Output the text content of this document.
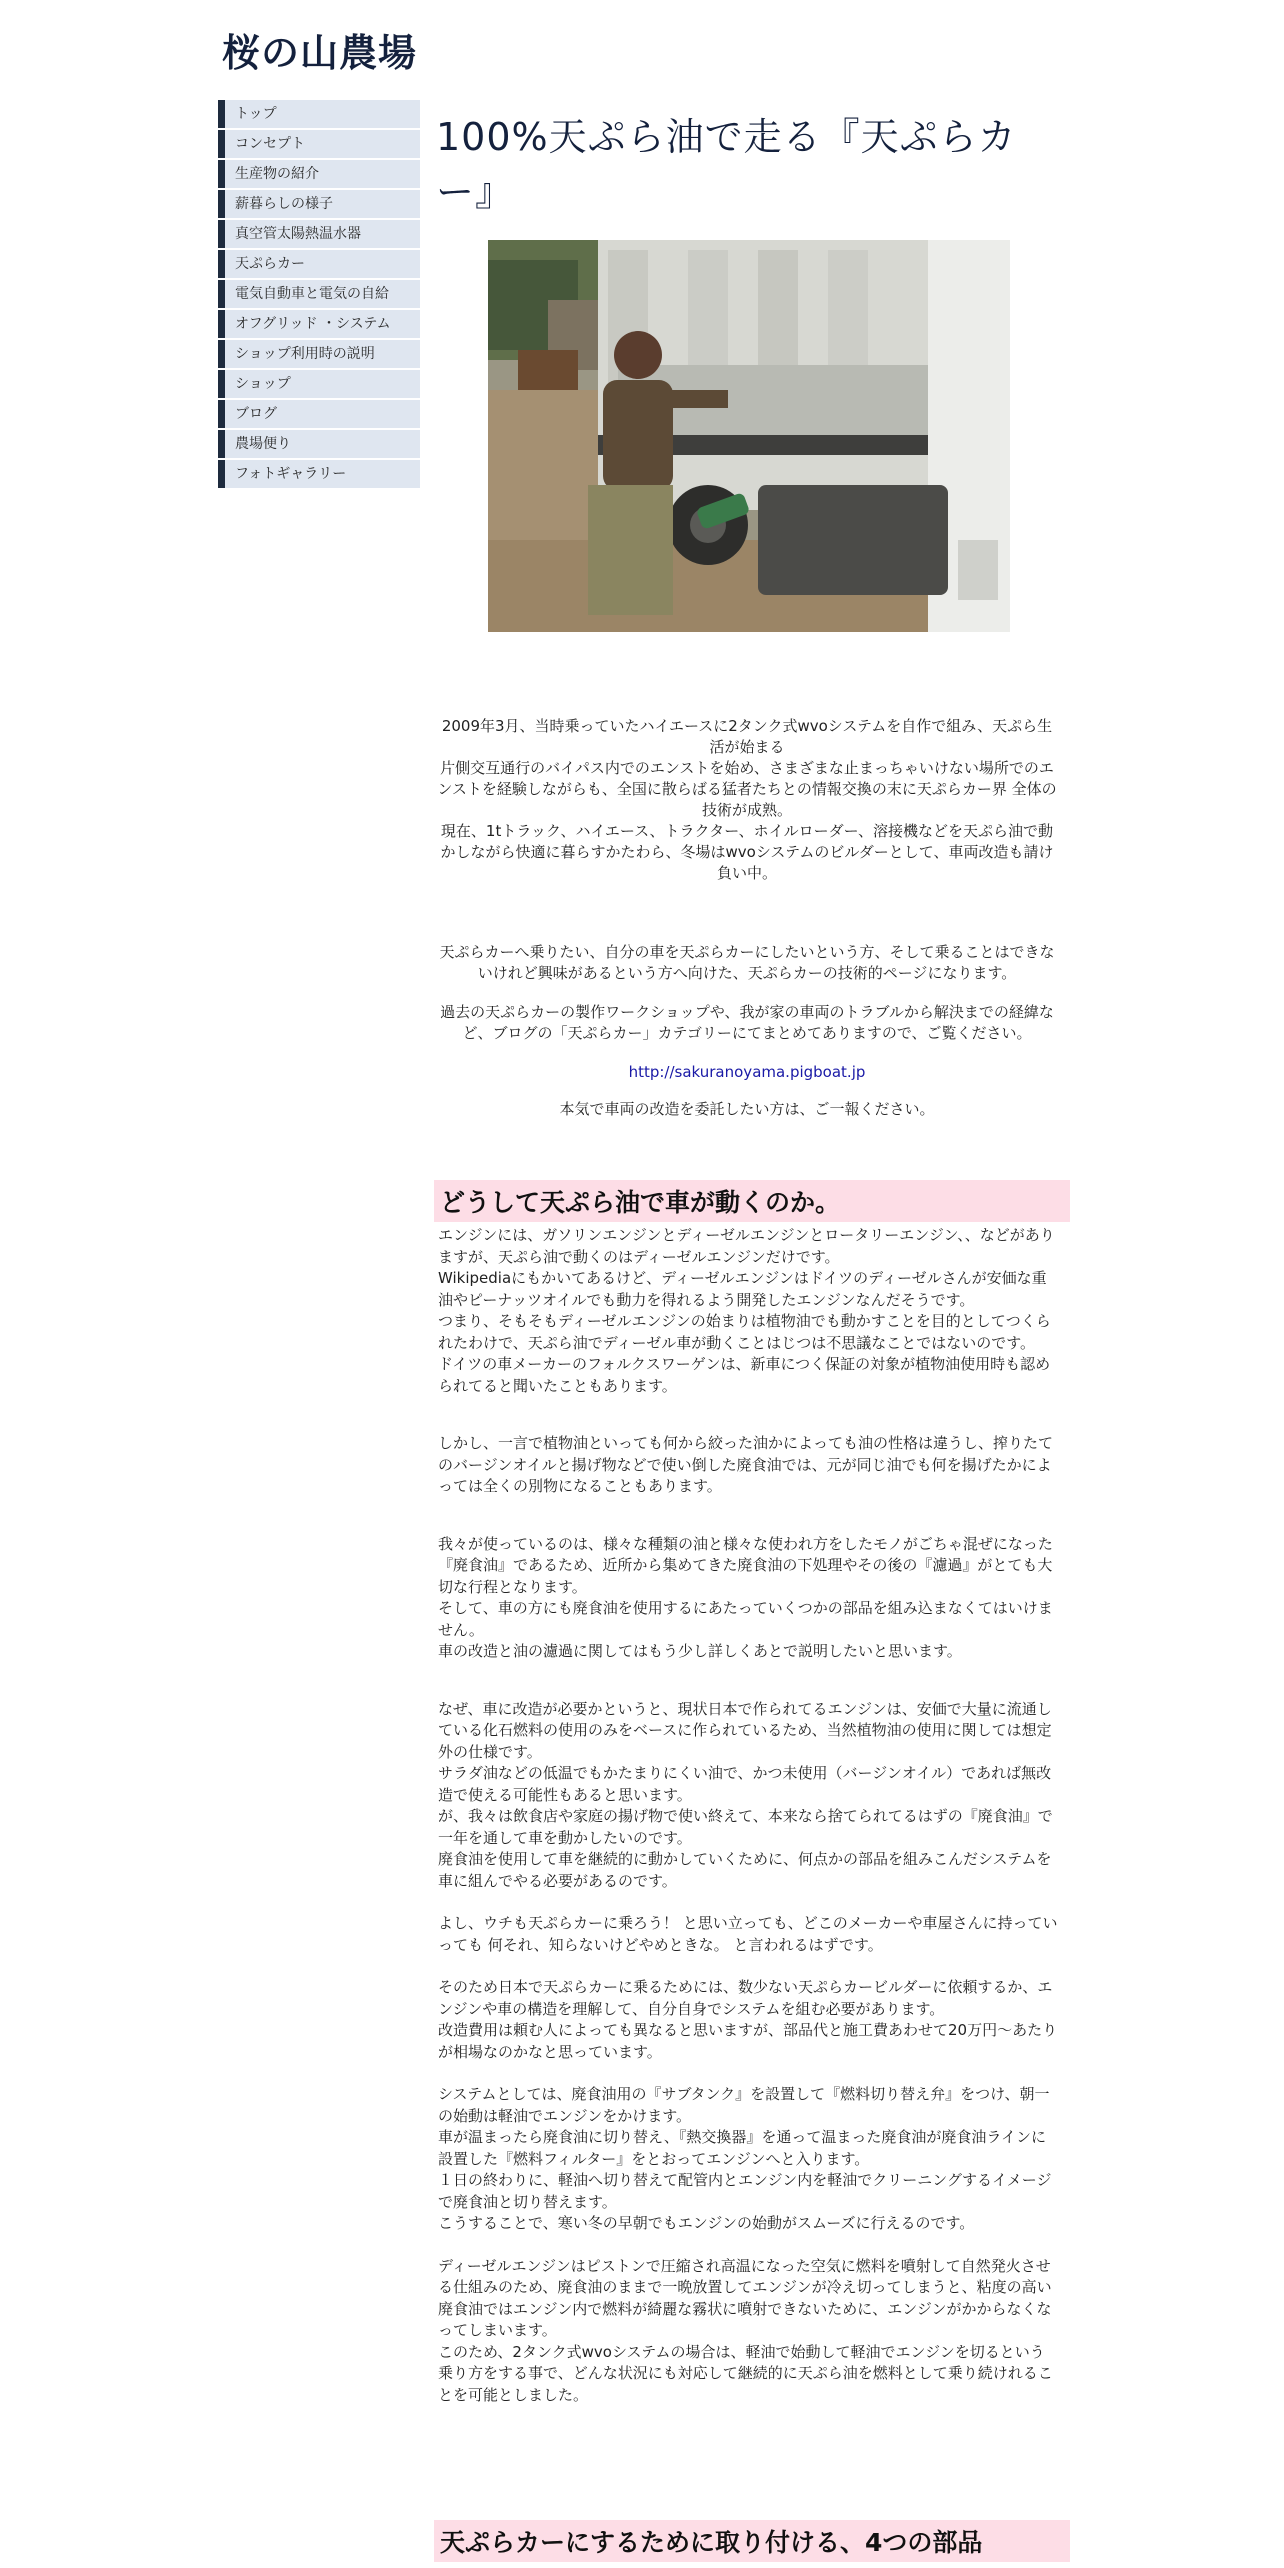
桜の山農場
トップ
コンセプト
生産物の紹介
薪暮らしの様子
真空管太陽熱温水器
天ぷらカー
電気自動車と電気の自給
オフグリッド ・システム
ショップ利用時の説明
ショップ
ブログ
農場便り
フォトギャラリー
100%天ぷら油で走る『天ぷらカー』

2009年3月、当時乗っていたハイエースに2タンク式wvoシステムを自作で組み、天ぷら生活が始まる

片側交互通行のバイパス内でのエンストを始め、さまざまな止まっちゃいけない場所でのエンストを経験しながらも、全国に散らばる猛者たちとの情報交換の末に天ぷらカー界 全体の技術が成熟。

現在、1tトラック、ハイエース、トラクター、ホイルローダー、溶接機などを天ぷら油で動かしながら快適に暮らすかたわら、冬場はwvoシステムのビルダーとして、車両改造も請け負い中。

天ぷらカーへ乗りたい、自分の車を天ぷらカーにしたいという方、そして乗ることはできないけれど興味があるという方へ向けた、天ぷらカーの技術的ページになります。

過去の天ぷらカーの製作ワークショップや、我が家の車両のトラブルから解決までの経緯など、ブログの「天ぷらカー」カテゴリーにてまとめてありますので、ご覧ください。

http://sakuranoyama.pigboat.jp

本気で車両の改造を委託したい方は、ご一報ください。

どうして天ぷら油で車が動くのか。

エンジンには、ガソリンエンジンとディーゼルエンジンとロータリーエンジン、、などがありますが、天ぷら油で動くのはディーゼルエンジンだけです。

Wikipediaにもかいてあるけど、ディーゼルエンジンはドイツのディーゼルさんが安価な重油やピーナッツオイルでも動力を得れるよう開発したエンジンなんだそうです。

つまり、そもそもディーゼルエンジンの始まりは植物油でも動かすことを目的としてつくられたわけで、天ぷら油でディーゼル車が動くことはじつは不思議なことではないのです。

ドイツの車メーカーのフォルクスワーゲンは、新車につく保証の対象が植物油使用時も認められてると聞いたこともあります。

しかし、一言で植物油といっても何から絞った油かによっても油の性格は違うし、搾りたてのバージンオイルと揚げ物などで使い倒した廃食油では、元が同じ油でも何を揚げたかによっては全くの別物になることもあります。

我々が使っているのは、様々な種類の油と様々な使われ方をしたモノがごちゃ混ぜになった『廃食油』であるため、近所から集めてきた廃食油の下処理やその後の『濾過』がとても大切な行程となります。

そして、車の方にも廃食油を使用するにあたっていくつかの部品を組み込まなくてはいけません。

車の改造と油の濾過に関してはもう少し詳しくあとで説明したいと思います。

なぜ、車に改造が必要かというと、現状日本で作られてるエンジンは、安価で大量に流通している化石燃料の使用のみをベースに作られているため、当然植物油の使用に関しては想定外の仕様です。

サラダ油などの低温でもかたまりにくい油で、かつ未使用（バージンオイル）であれば無改造で使える可能性もあると思います。

が、我々は飲食店や家庭の揚げ物で使い終えて、本来なら捨てられてるはずの『廃食油』で一年を通して車を動かしたいのです。

廃食油を使用して車を継続的に動かしていくために、何点かの部品を組みこんだシステムを車に組んでやる必要があるのです。

よし、ウチも天ぷらカーに乗ろう！ と思い立っても、どこのメーカーや車屋さんに持っていっても 何それ、知らないけどやめときな。 と言われるはずです。

そのため日本で天ぷらカーに乗るためには、数少ない天ぷらカービルダーに依頼するか、エンジンや車の構造を理解して、自分自身でシステムを組む必要があります。

改造費用は頼む人によっても異なると思いますが、部品代と施工費あわせて20万円〜あたりが相場なのかなと思っています。

システムとしては、廃食油用の『サブタンク』を設置して『燃料切り替え弁』をつけ、朝一の始動は軽油でエンジンをかけます。

車が温まったら廃食油に切り替え、『熱交換器』を通って温まった廃食油が廃食油ラインに設置した『燃料フィルター』をとおってエンジンへと入ります。

１日の終わりに、軽油へ切り替えて配管内とエンジン内を軽油でクリーニングするイメージで廃食油と切り替えます。

こうすることで、寒い冬の早朝でもエンジンの始動がスムーズに行えるのです。

ディーゼルエンジンはピストンで圧縮され高温になった空気に燃料を噴射して自然発火させる仕組みのため、廃食油のままで一晩放置してエンジンが冷え切ってしまうと、粘度の高い廃食油ではエンジン内で燃料が綺麗な霧状に噴射できないために、エンジンがかからなくなってしまいます。

このため、2タンク式wvoシステムの場合は、軽油で始動して軽油でエンジンを切るという乗り方をする事で、どんな状況にも対応して継続的に天ぷら油を燃料として乗り続けれることを可能としました。

天ぷらカーにするために取り付ける、4つの部品
